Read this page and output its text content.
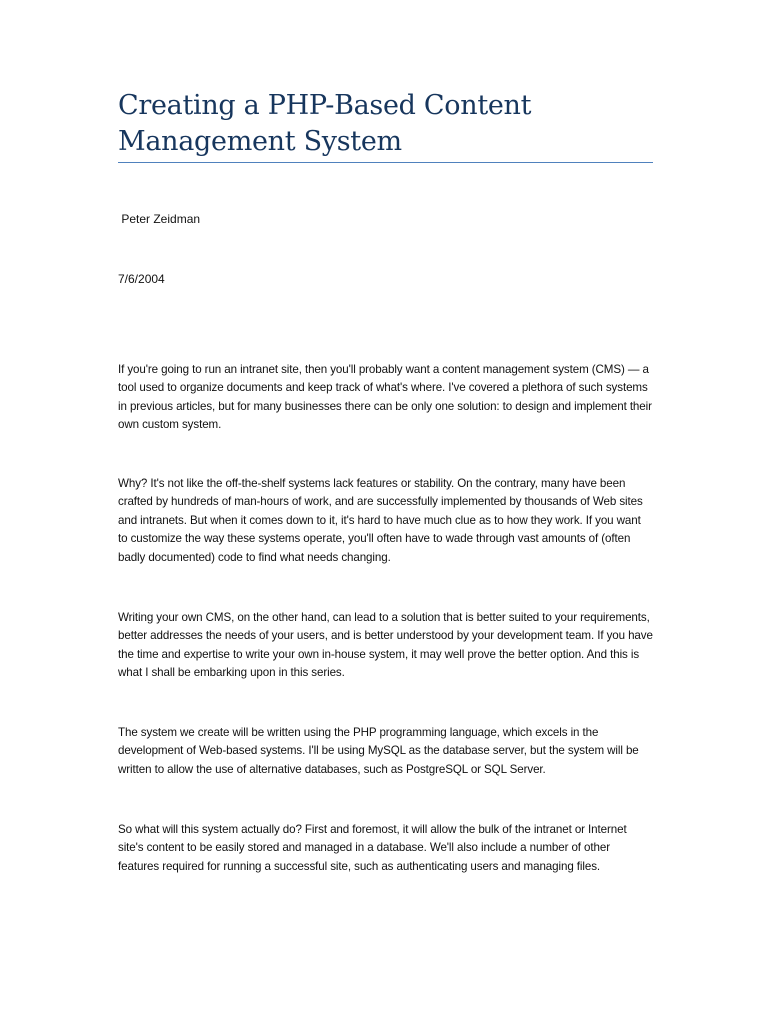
Creating a PHP-Based Content Management System

Peter Zeidman

7/6/2004

If you're going to run an intranet site, then you'll probably want a content management system (CMS) — a tool used to organize documents and keep track of what's where. I've covered a plethora of such systems in previous articles, but for many businesses there can be only one solution: to design and implement their own custom system.

Why? It's not like the off-the-shelf systems lack features or stability. On the contrary, many have been crafted by hundreds of man-hours of work, and are successfully implemented by thousands of Web sites and intranets. But when it comes down to it, it's hard to have much clue as to how they work. If you want to customize the way these systems operate, you'll often have to wade through vast amounts of (often badly documented) code to find what needs changing.

Writing your own CMS, on the other hand, can lead to a solution that is better suited to your requirements, better addresses the needs of your users, and is better understood by your development team. If you have the time and expertise to write your own in-house system, it may well prove the better option. And this is what I shall be embarking upon in this series.

The system we create will be written using the PHP programming language, which excels in the development of Web-based systems. I'll be using MySQL as the database server, but the system will be written to allow the use of alternative databases, such as PostgreSQL or SQL Server.

So what will this system actually do? First and foremost, it will allow the bulk of the intranet or Internet site's content to be easily stored and managed in a database. We'll also include a number of other features required for running a successful site, such as authenticating users and managing files.
